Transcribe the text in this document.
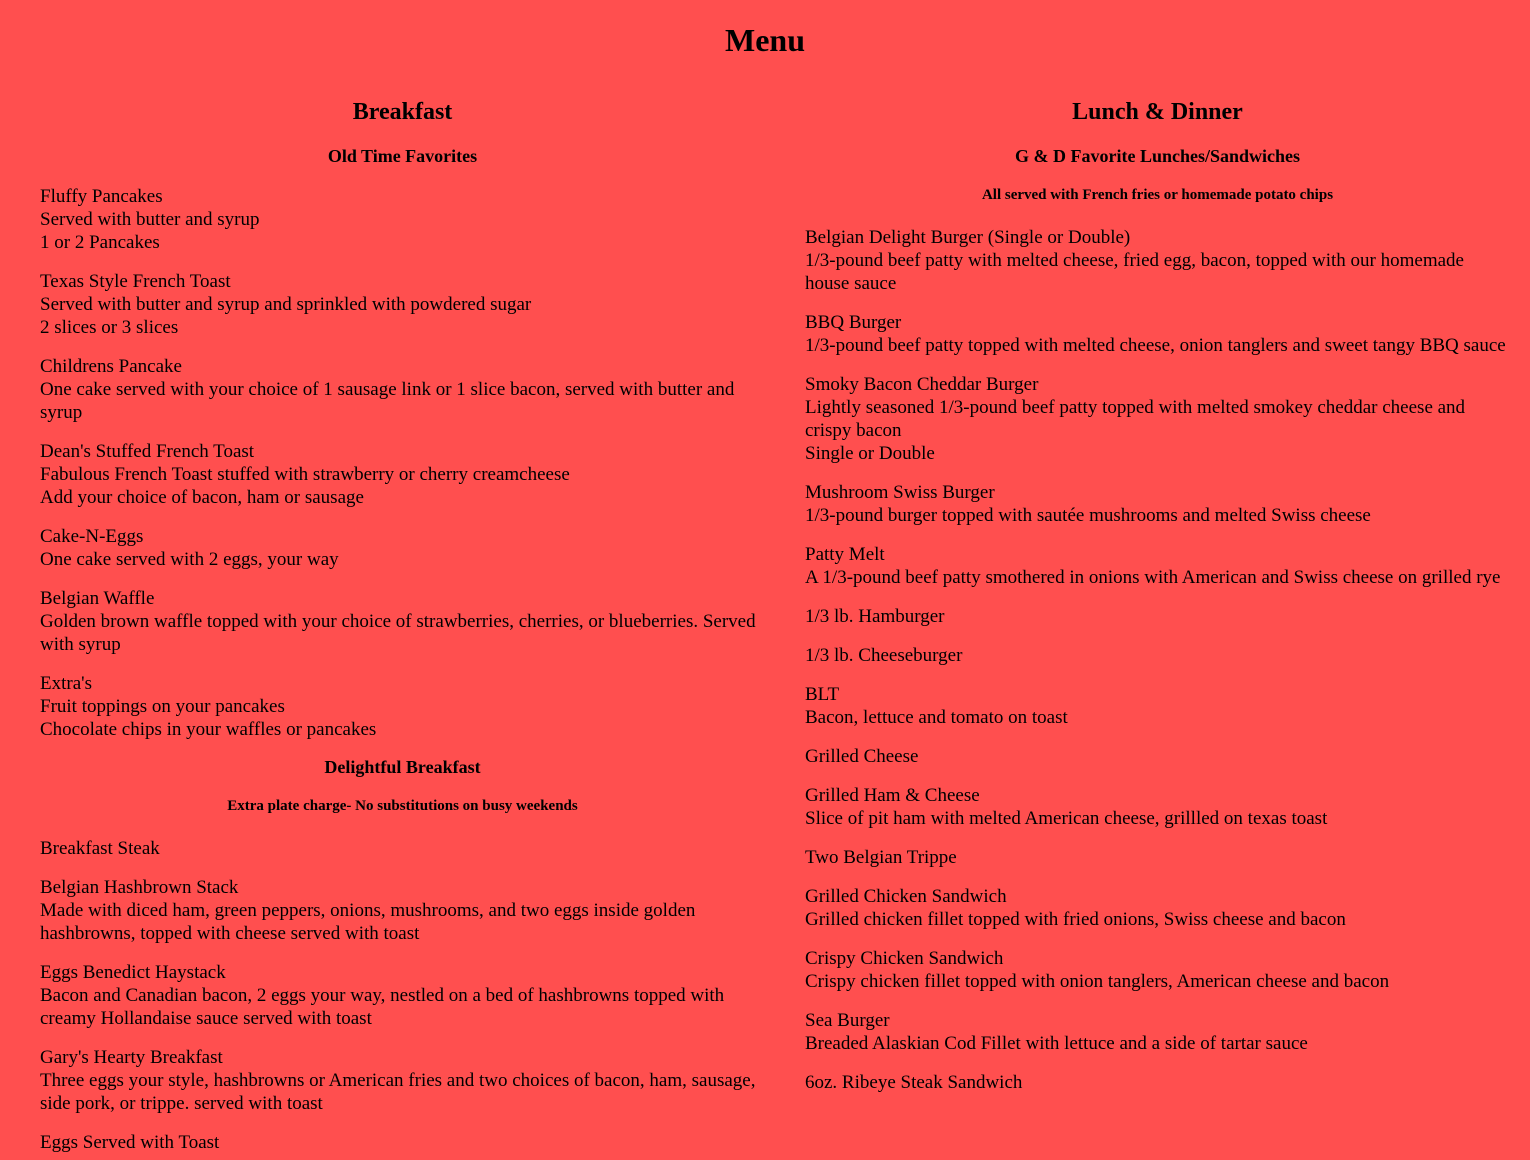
Menu
Breakfast
Old Time Favorites
Fluffy Pancakes
Served with butter and syrup
1 or 2 Pancakes
Texas Style French Toast
Served with butter and syrup and sprinkled with powdered sugar
2 slices or 3 slices
Childrens Pancake
One cake served with your choice of 1 sausage link or 1 slice bacon, served with butter and syrup
Dean's Stuffed French Toast
Fabulous French Toast stuffed with strawberry or cherry creamcheese
Add your choice of bacon, ham or sausage
Cake-N-Eggs
One cake served with 2 eggs, your way
Belgian Waffle
Golden brown waffle topped with your choice of strawberries, cherries, or blueberries. Served with syrup
Extra's
Fruit toppings on your pancakes
Chocolate chips in your waffles or pancakes
Delightful Breakfast
Extra plate charge- No substitutions on busy weekends
Breakfast Steak
Belgian Hashbrown Stack
Made with diced ham, green peppers, onions, mushrooms, and two eggs inside golden hashbrowns, topped with cheese served with toast
Eggs Benedict Haystack
Bacon and Canadian bacon, 2 eggs your way, nestled on a bed of hashbrowns topped with creamy Hollandaise sauce served with toast
Gary's Hearty Breakfast
Three eggs your style, hashbrowns or American fries and two choices of bacon, ham, sausage, side pork, or trippe. served with toast
Eggs Served with Toast
Lunch & Dinner
G & D Favorite Lunches/Sandwiches
All served with French fries or homemade potato chips
Belgian Delight Burger (Single or Double)
1/3-pound beef patty with melted cheese, fried egg, bacon, topped with our homemade house sauce
BBQ Burger
1/3-pound beef patty topped with melted cheese, onion tanglers and sweet tangy BBQ sauce
Smoky Bacon Cheddar Burger
Lightly seasoned 1/3-pound beef patty topped with melted smokey cheddar cheese and crispy bacon
Single or Double
Mushroom Swiss Burger
1/3-pound burger topped with sautée mushrooms and melted Swiss cheese
Patty Melt
A 1/3-pound beef patty smothered in onions with American and Swiss cheese on grilled rye
1/3 lb. Hamburger
1/3 lb. Cheeseburger
BLT
Bacon, lettuce and tomato on toast
Grilled Cheese
Grilled Ham & Cheese
Slice of pit ham with melted American cheese, grillled on texas toast
Two Belgian Trippe
Grilled Chicken Sandwich
Grilled chicken fillet topped with fried onions, Swiss cheese and bacon
Crispy Chicken Sandwich
Crispy chicken fillet topped with onion tanglers, American cheese and bacon
Sea Burger
Breaded Alaskian Cod Fillet with lettuce and a side of tartar sauce
6oz. Ribeye Steak Sandwich
